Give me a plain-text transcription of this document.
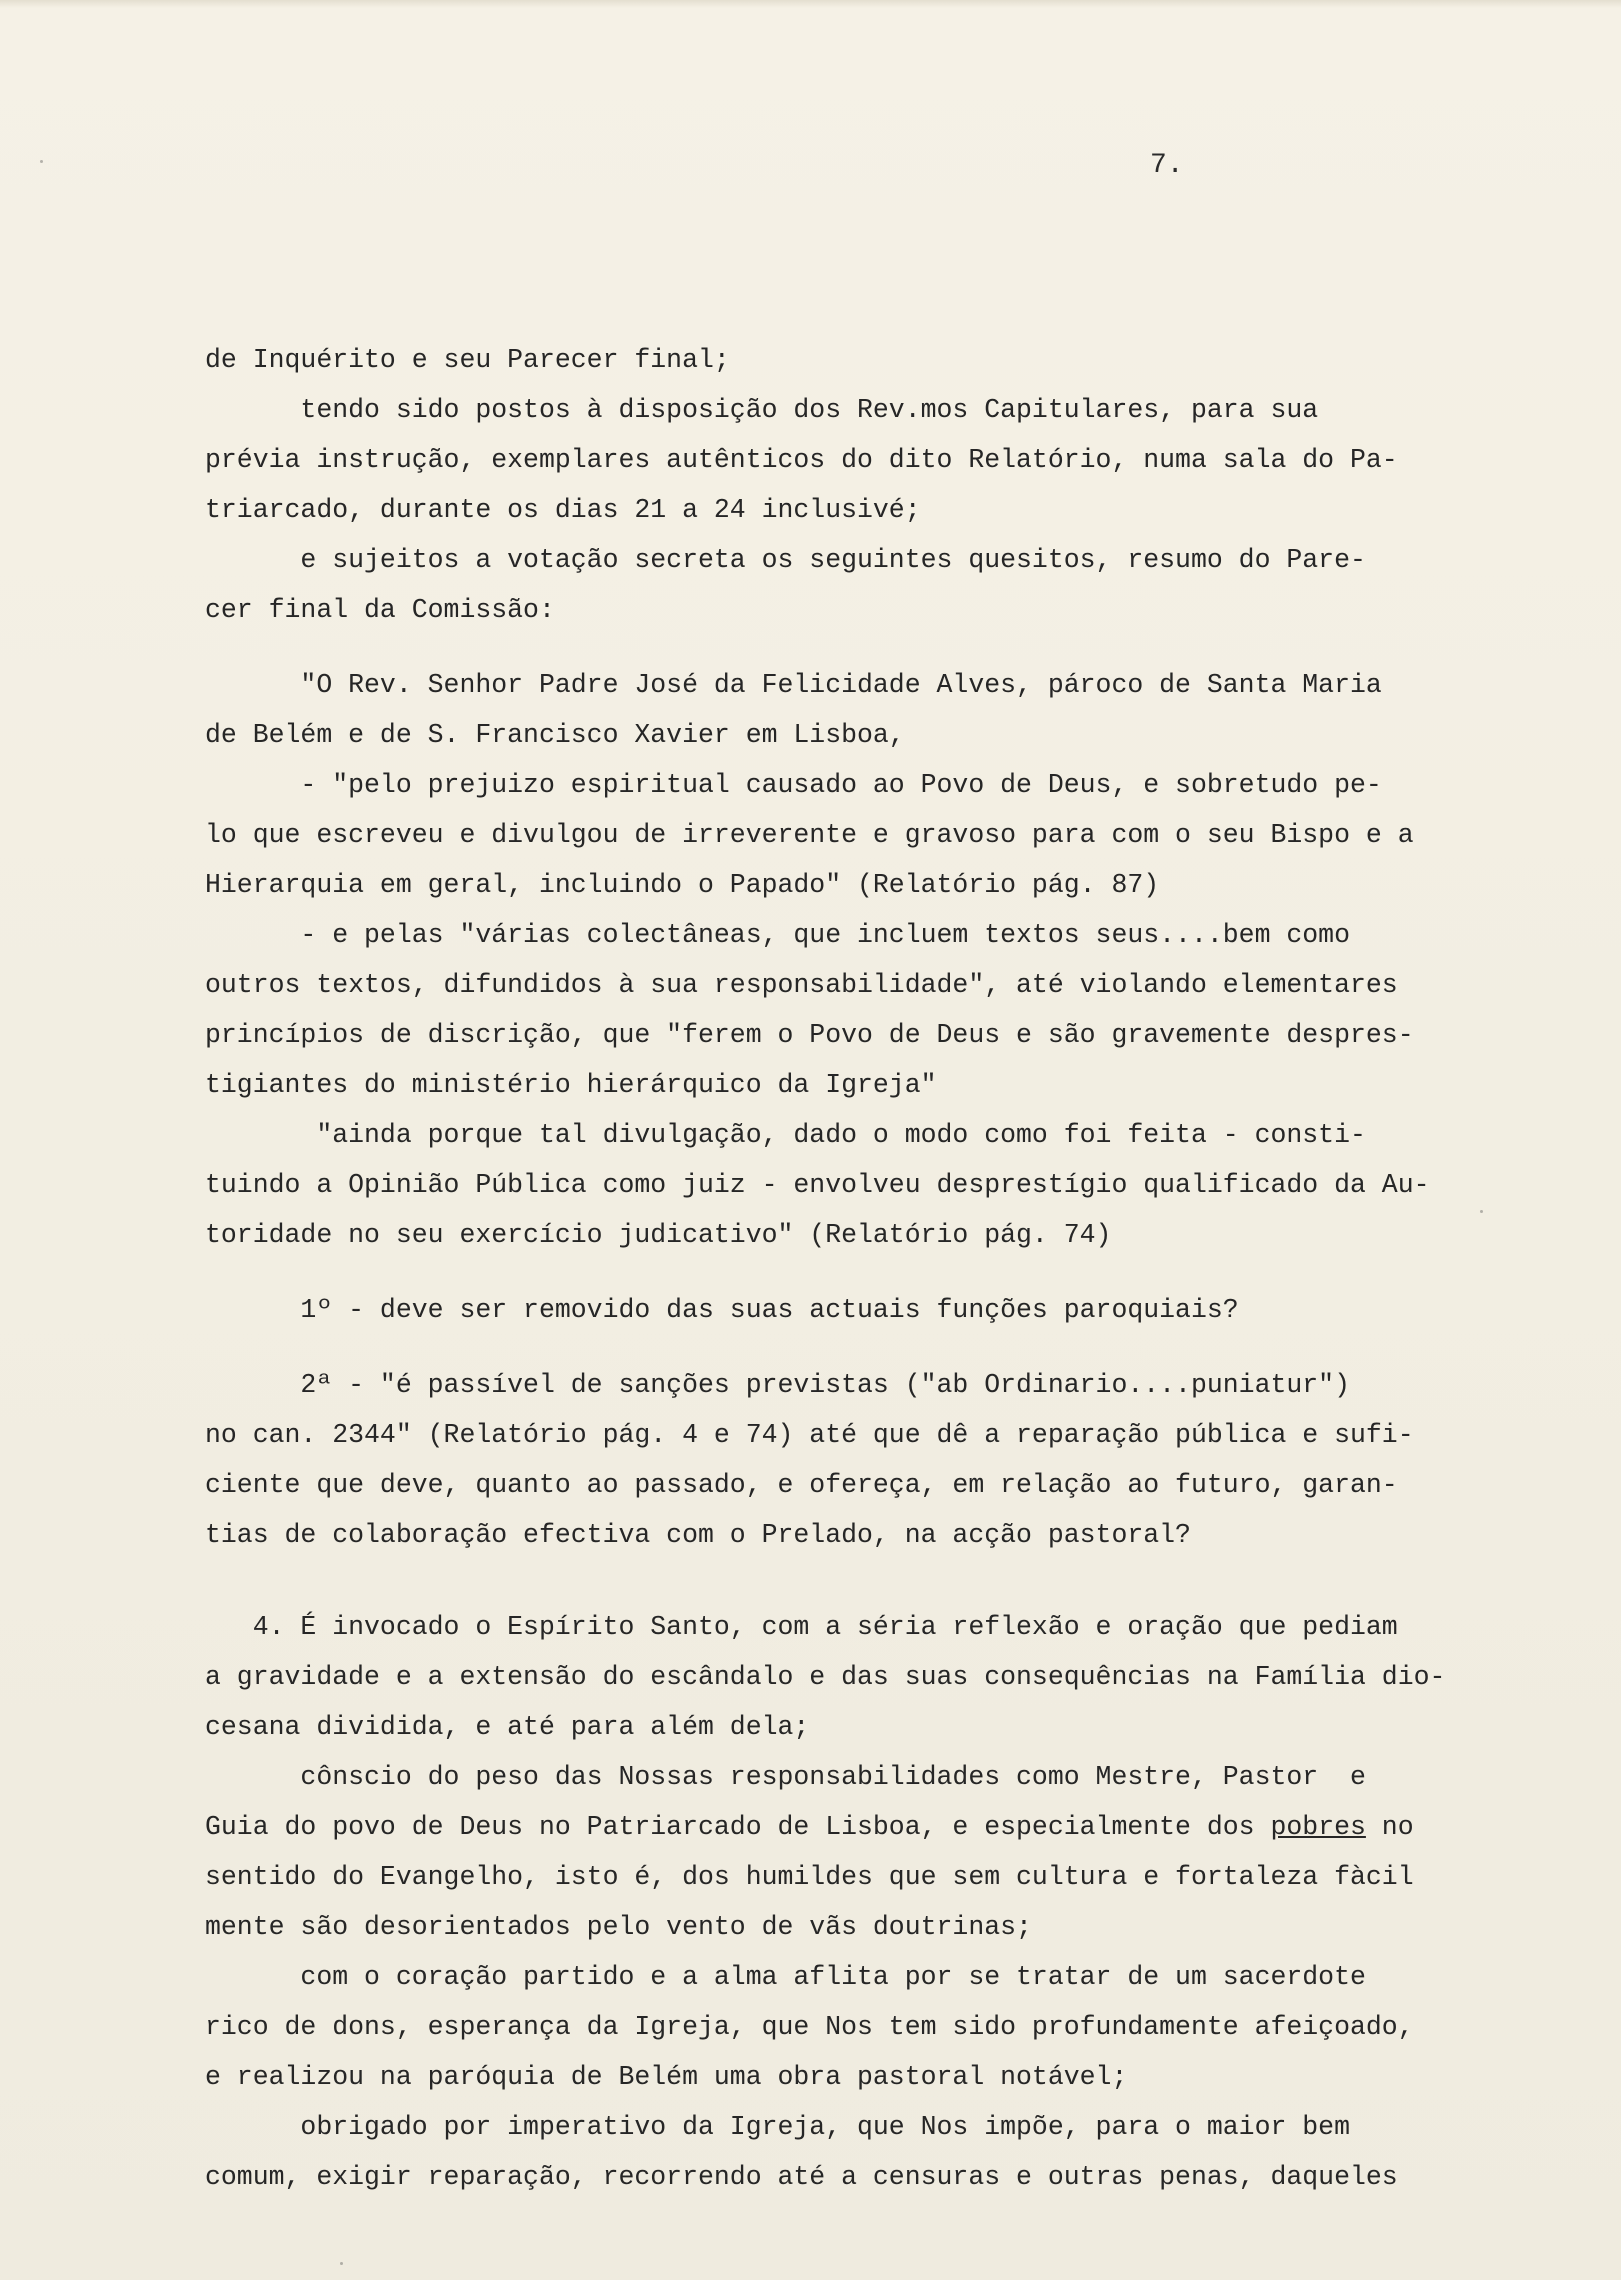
7.
de Inquérito e seu Parecer final;
tendo sido postos à disposição dos Rev.mos Capitulares, para sua
prévia instrução, exemplares autênticos do dito Relatório, numa sala do Pa-
triarcado, durante os dias 21 a 24 inclusivé;
e sujeitos a votação secreta os seguintes quesitos, resumo do Pare-
cer final da Comissão:
"O Rev. Senhor Padre José da Felicidade Alves, pároco de Santa Maria
de Belém e de S. Francisco Xavier em Lisboa,
- "pelo prejuizo espiritual causado ao Povo de Deus, e sobretudo pe-
lo que escreveu e divulgou de irreverente e gravoso para com o seu Bispo e a
Hierarquia em geral, incluindo o Papado" (Relatório pág. 87)
- e pelas "várias colectâneas, que incluem textos seus....bem como
outros textos, difundidos à sua responsabilidade", até violando elementares
princípios de discrição, que "ferem o Povo de Deus e são gravemente despres-
tigiantes do ministério hierárquico da Igreja"
"ainda porque tal divulgação, dado o modo como foi feita - consti-
tuindo a Opinião Pública como juiz - envolveu desprestígio qualificado da Au-
toridade no seu exercício judicativo" (Relatório pág. 74)
1º - deve ser removido das suas actuais funções paroquiais?
2ª - "é passível de sanções previstas ("ab Ordinario....puniatur")
no can. 2344" (Relatório pág. 4 e 74) até que dê a reparação pública e sufi-
ciente que deve, quanto ao passado, e ofereça, em relação ao futuro, garan-
tias de colaboração efectiva com o Prelado, na acção pastoral?
4. É invocado o Espírito Santo, com a séria reflexão e oração que pediam
a gravidade e a extensão do escândalo e das suas consequências na Família dio-
cesana dividida, e até para além dela;
cônscio do peso das Nossas responsabilidades como Mestre, Pastor  e
Guia do povo de Deus no Patriarcado de Lisboa, e especialmente dos pobres no
sentido do Evangelho, isto é, dos humildes que sem cultura e fortaleza fàcil
mente são desorientados pelo vento de vãs doutrinas;
com o coração partido e a alma aflita por se tratar de um sacerdote
rico de dons, esperança da Igreja, que Nos tem sido profundamente afeiçoado,
e realizou na paróquia de Belém uma obra pastoral notável;
obrigado por imperativo da Igreja, que Nos impõe, para o maior bem
comum, exigir reparação, recorrendo até a censuras e outras penas, daqueles
